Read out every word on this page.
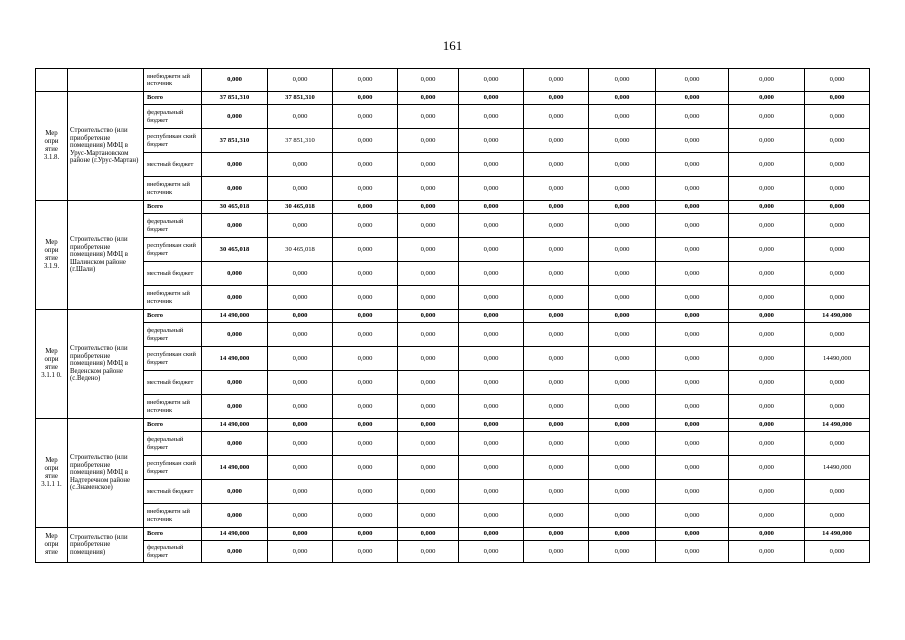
161
		внебюджетн ый источник	0,000	0,000	0,000	0,000	0,000	0,000	0,000	0,000	0,000	0,000
Мер опри ятие 3.1.8.	Строительство (или приобретение помещения) МФЦ в Урус-Мартановском районе (г.Урус-Мартан)	Всего	37 851,310	37 851,310	0,000	0,000	0,000	0,000	0,000	0,000	0,000	0,000
		федеральный бюджет	0,000	0,000	0,000	0,000	0,000	0,000	0,000	0,000	0,000	0,000
		республикан ский бюджет	37 851,310	37 851,310	0,000	0,000	0,000	0,000	0,000	0,000	0,000	0,000
		местный бюджет	0,000	0,000	0,000	0,000	0,000	0,000	0,000	0,000	0,000	0,000
		внебюджетн ый источник	0,000	0,000	0,000	0,000	0,000	0,000	0,000	0,000	0,000	0,000
Мер опри ятие 3.1.9.	Строительство (или приобретение помещения) МФЦ в Шалинском районе (г.Шали)	Всего	30 465,018	30 465,018	0,000	0,000	0,000	0,000	0,000	0,000	0,000	0,000
		федеральный бюджет	0,000	0,000	0,000	0,000	0,000	0,000	0,000	0,000	0,000	0,000
		республикан ский бюджет	30 465,018	30 465,018	0,000	0,000	0,000	0,000	0,000	0,000	0,000	0,000
		местный бюджет	0,000	0,000	0,000	0,000	0,000	0,000	0,000	0,000	0,000	0,000
		внебюджетн ый источник	0,000	0,000	0,000	0,000	0,000	0,000	0,000	0,000	0,000	0,000
Мер опри ятие 3.1.1 0.	Строительство (или приобретение помещения) МФЦ в Веденском районе (с.Ведено)	Всего	14 490,000	0,000	0,000	0,000	0,000	0,000	0,000	0,000	0,000	14 490,000
		федеральный бюджет	0,000	0,000	0,000	0,000	0,000	0,000	0,000	0,000	0,000	0,000
		республикан ский бюджет	14 490,000	0,000	0,000	0,000	0,000	0,000	0,000	0,000	0,000	14490,000
		местный бюджет	0,000	0,000	0,000	0,000	0,000	0,000	0,000	0,000	0,000	0,000
		внебюджетн ый источник	0,000	0,000	0,000	0,000	0,000	0,000	0,000	0,000	0,000	0,000
Мер опри ятие 3.1.1 1.	Строительство (или приобретение помещения) МФЦ в Надтеречном районе (с.Знаменское)	Всего	14 490,000	0,000	0,000	0,000	0,000	0,000	0,000	0,000	0,000	14 490,000
		федеральный бюджет	0,000	0,000	0,000	0,000	0,000	0,000	0,000	0,000	0,000	0,000
		республикан ский бюджет	14 490,000	0,000	0,000	0,000	0,000	0,000	0,000	0,000	0,000	14490,000
		местный бюджет	0,000	0,000	0,000	0,000	0,000	0,000	0,000	0,000	0,000	0,000
		внебюджетн ый источник	0,000	0,000	0,000	0,000	0,000	0,000	0,000	0,000	0,000	0,000
Мер опри ятие	Строительство (или приобретение помещения)	Всего	14 490,000	0,000	0,000	0,000	0,000	0,000	0,000	0,000	0,000	14 490,000
		федеральный бюджет	0,000	0,000	0,000	0,000	0,000	0,000	0,000	0,000	0,000	0,000
